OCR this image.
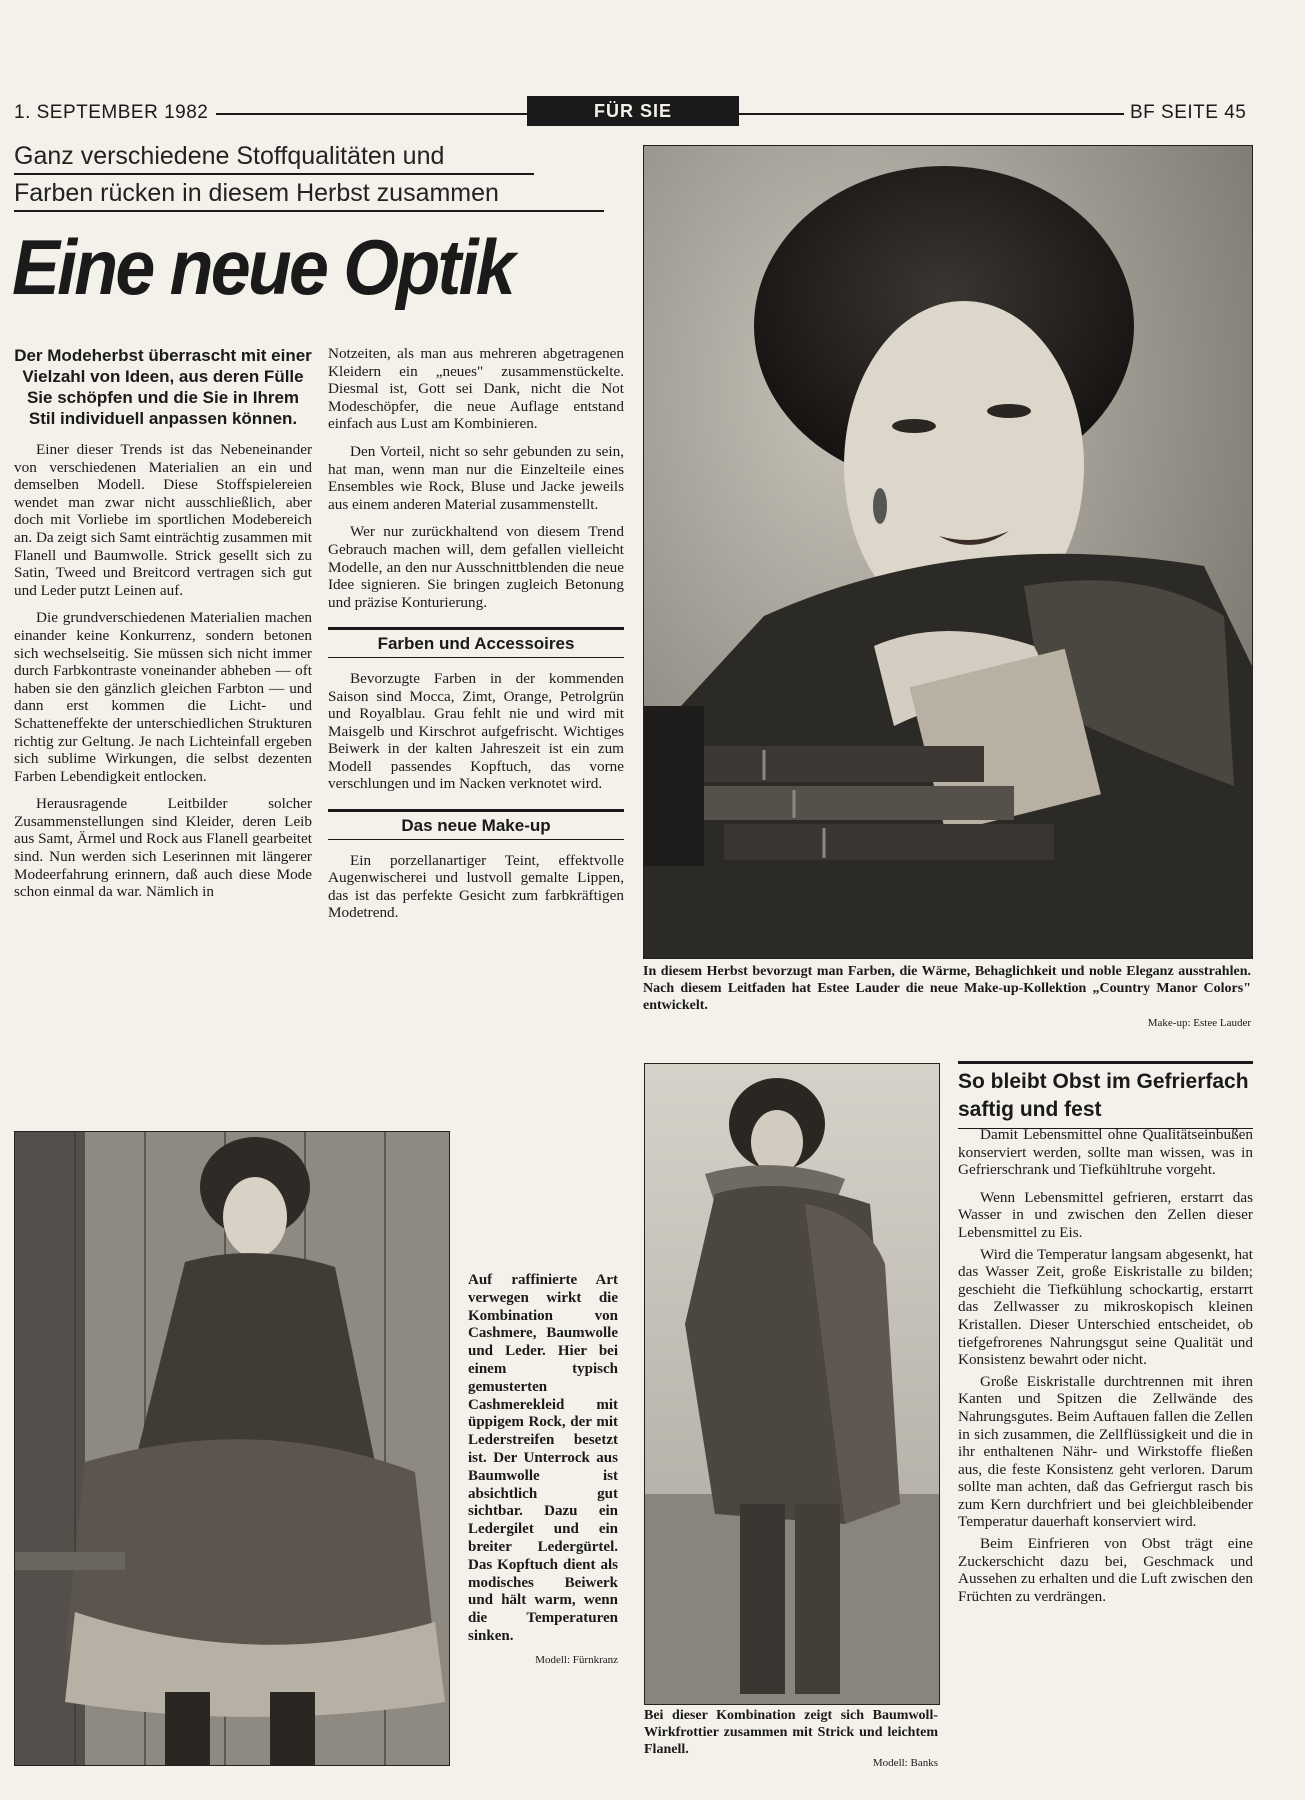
1. SEPTEMBER 1982	FÜR SIE	BF SEITE 45
Ganz verschiedene Stoffqualitäten und
Farben rücken in diesem Herbst zusammen
Eine neue Optik
Der Modeherbst überrascht mit einer Vielzahl von Ideen, aus deren Fülle Sie schöpfen und die Sie in Ihrem Stil individuell anpassen können.

Einer dieser Trends ist das Nebeneinander von verschiedenen Materialien an ein und demselben Modell. Diese Stoffspielereien wendet man zwar nicht ausschließlich, aber doch mit Vorliebe im sportlichen Modebereich an. Da zeigt sich Samt einträchtig zusammen mit Flanell und Baumwolle. Strick gesellt sich zu Satin, Tweed und Breitcord vertragen sich gut und Leder putzt Leinen auf.

Die grundverschiedenen Materialien machen einander keine Konkurrenz, sondern betonen sich wechselseitig. Sie müssen sich nicht immer durch Farbkontraste voneinander abheben — oft haben sie den gänzlich gleichen Farbton — und dann erst kommen die Licht- und Schatteneffekte der unterschiedlichen Strukturen richtig zur Geltung. Je nach Lichteinfall ergeben sich sublime Wirkungen, die selbst dezenten Farben Lebendigkeit entlocken.

Herausragende Leitbilder solcher Zusammenstellungen sind Kleider, deren Leib aus Samt, Ärmel und Rock aus Flanell gearbeitet sind. Nun werden sich Leserinnen mit längerer Modeerfahrung erinnern, daß auch diese Mode schon einmal da war. Nämlich in

Notzeiten, als man aus mehreren abgetragenen Kleidern ein „neues" zusammenstückelte. Diesmal ist, Gott sei Dank, nicht die Not Modeschöpfer, die neue Auflage entstand einfach aus Lust am Kombinieren.

Den Vorteil, nicht so sehr gebunden zu sein, hat man, wenn man nur die Einzelteile eines Ensembles wie Rock, Bluse und Jacke jeweils aus einem anderen Material zusammenstellt.

Wer nur zurückhaltend von diesem Trend Gebrauch machen will, dem gefallen vielleicht Modelle, an den nur Ausschnittblenden die neue Idee signieren. Sie bringen zugleich Betonung und präzise Konturierung.

Farben und Accessoires

Bevorzugte Farben in der kommenden Saison sind Mocca, Zimt, Orange, Petrolgrün und Royalblau. Grau fehlt nie und wird mit Maisgelb und Kirschrot aufgefrischt. Wichtiges Beiwerk in der kalten Jahreszeit ist ein zum Modell passendes Kopftuch, das vorne verschlungen und im Nacken verknotet wird.

Das neue Make-up

Ein porzellanartiger Teint, effektvolle Augenwischerei und lustvoll gemalte Lippen, das ist das perfekte Gesicht zum farbkräftigen Modetrend.

In diesem Herbst bevorzugt man Farben, die Wärme, Behaglichkeit und noble Eleganz ausstrahlen. Nach diesem Leitfaden hat Estee Lauder die neue Make-up-Kollektion „Country Manor Colors" entwickelt.
Make-up: Estee Lauder
Auf raffinierte Art verwegen wirkt die Kombination von Cashmere, Baumwolle und Leder. Hier bei einem typisch gemusterten Cashmerekleid mit üppigem Rock, der mit Lederstreifen besetzt ist. Der Unterrock aus Baumwolle ist absichtlich gut sichtbar. Dazu ein Ledergilet und ein breiter Ledergürtel. Das Kopftuch dient als modisches Beiwerk und hält warm, wenn die Temperaturen sinken.
Modell: Fürnkranz
Bei dieser Kombination zeigt sich Baumwoll-Wirkfrottier zusammen mit Strick und leichtem Flanell.
Modell: Banks
So bleibt Obst im Gefrierfach saftig und fest

Damit Lebensmittel ohne Qualitätseinbußen konserviert werden, sollte man wissen, was in Gefrierschrank und Tiefkühltruhe vorgeht.

Wenn Lebensmittel gefrieren, erstarrt das Wasser in und zwischen den Zellen dieser Lebensmittel zu Eis.

Wird die Temperatur langsam abgesenkt, hat das Wasser Zeit, große Eiskristalle zu bilden; geschieht die Tiefkühlung schockartig, erstarrt das Zellwasser zu mikroskopisch kleinen Kristallen. Dieser Unterschied entscheidet, ob tiefgefrorenes Nahrungsgut seine Qualität und Konsistenz bewahrt oder nicht.

Große Eiskristalle durchtrennen mit ihren Kanten und Spitzen die Zellwände des Nahrungsgutes. Beim Auftauen fallen die Zellen in sich zusammen, die Zellflüssigkeit und die in ihr enthaltenen Nähr- und Wirkstoffe fließen aus, die feste Konsistenz geht verloren. Darum sollte man achten, daß das Gefriergut rasch bis zum Kern durchfriert und bei gleichbleibender Temperatur dauerhaft konserviert wird.

Beim Einfrieren von Obst trägt eine Zuckerschicht dazu bei, Geschmack und Aussehen zu erhalten und die Luft zwischen den Früchten zu verdrängen.
